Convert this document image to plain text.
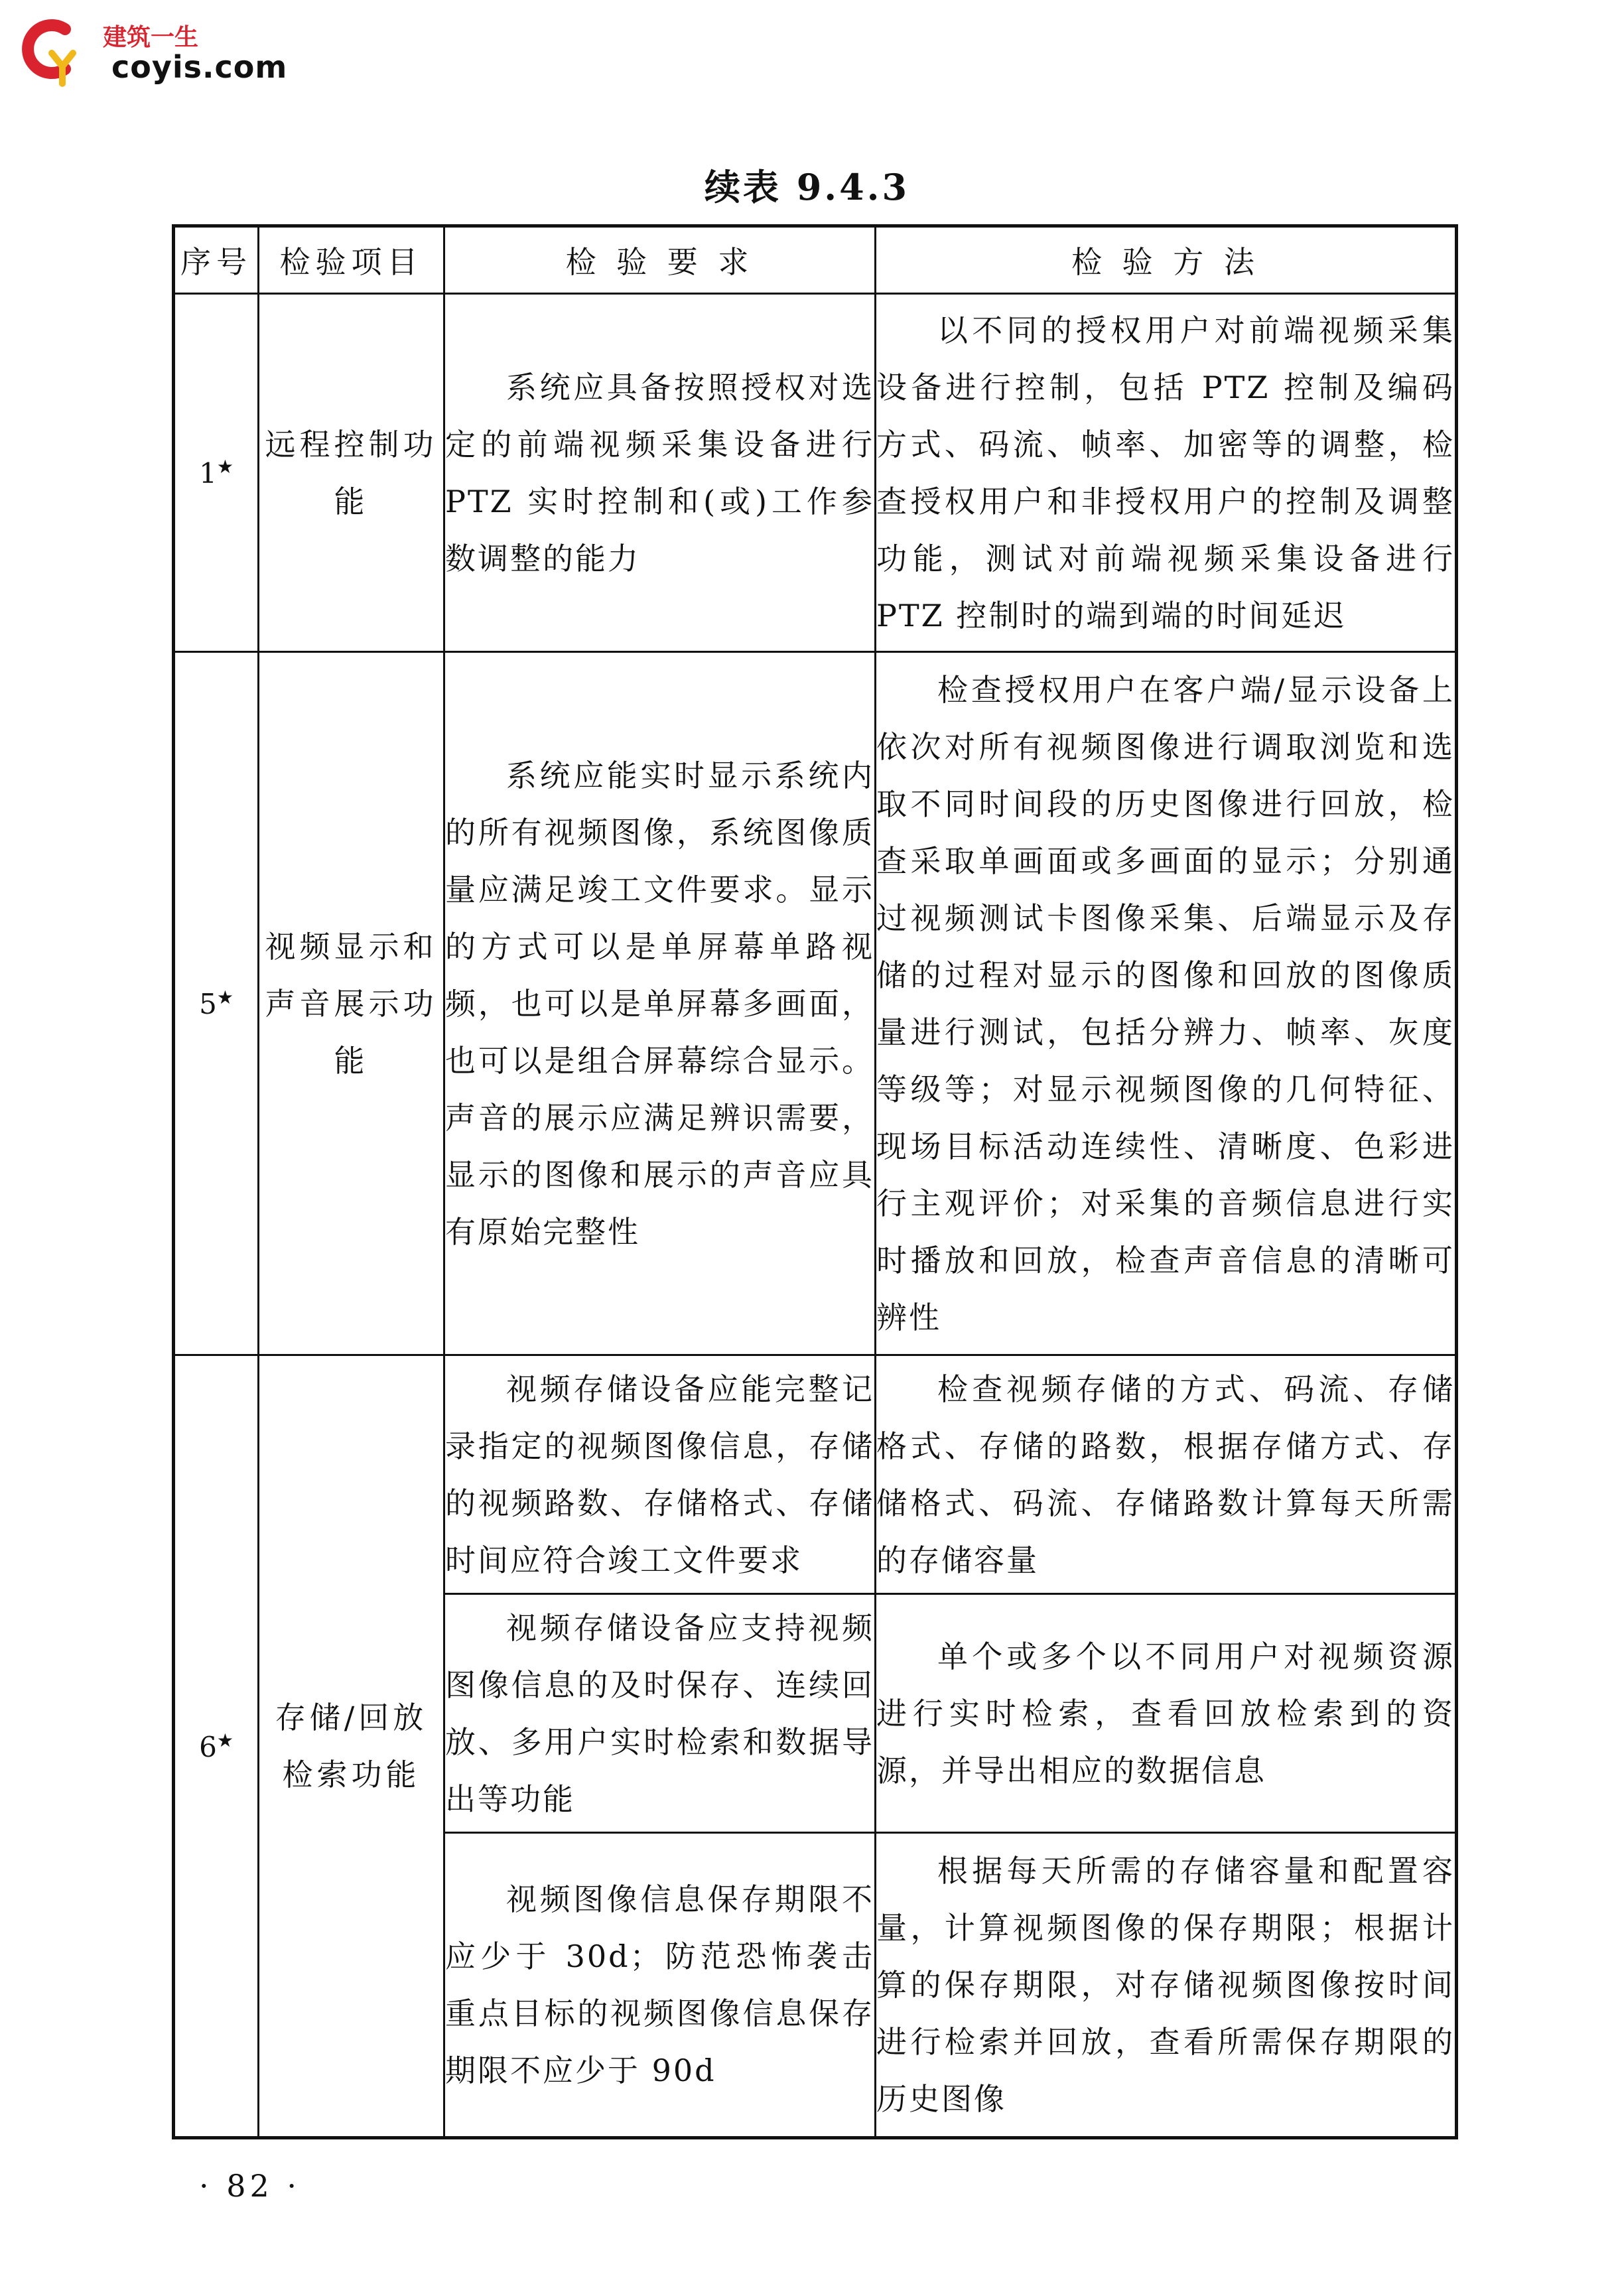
建筑一生
coyis.com
续表 9.4.3
序号	检验项目	检 验 要 求	检 验 方 法
1★	远程控制功能	系统应具备按照授权对选定的前端视频采集设备进行 PTZ 实时控制和(或)工作参数调整的能力	以不同的授权用户对前端视频采集设备进行控制，包括 PTZ 控制及编码方式、码流、帧率、加密等的调整，检查授权用户和非授权用户的控制及调整功能，测试对前端视频采集设备进行 PTZ 控制时的端到端的时间延迟

5★	视频显示和声音展示功能	系统应能实时显示系统内的所有视频图像，系统图像质量应满足竣工文件要求。显示的方式可以是单屏幕单路视频，也可以是单屏幕多画面，也可以是组合屏幕综合显示。声音的展示应满足辨识需要，显示的图像和展示的声音应具有原始完整性	检查授权用户在客户端/显示设备上依次对所有视频图像进行调取浏览和选取不同时间段的历史图像进行回放，检查采取单画面或多画面的显示；分别通过视频测试卡图像采集、后端显示及存储的过程对显示的图像和回放的图像质量进行测试，包括分辨力、帧率、灰度等级等；对显示视频图像的几何特征、现场目标活动连续性、清晰度、色彩进行主观评价；对采集的音频信息进行实时播放和回放，检查声音信息的清晰可辨性

6★	存储/回放检索功能	视频存储设备应能完整记录指定的视频图像信息，存储的视频路数、存储格式、存储时间应符合竣工文件要求	检查视频存储的方式、码流、存储格式、存储的路数，根据存储方式、存储格式、码流、存储路数计算每天所需的存储容量

		视频存储设备应支持视频图像信息的及时保存、连续回放、多用户实时检索和数据导出等功能	单个或多个以不同用户对视频资源进行实时检索，查看回放检索到的资源，并导出相应的数据信息

		视频图像信息保存期限不应少于 30d；防范恐怖袭击重点目标的视频图像信息保存期限不应少于 90d	根据每天所需的存储容量和配置容量，计算视频图像的保存期限；根据计算的保存期限，对存储视频图像按时间进行检索并回放，查看所需保存期限的历史图像
· 82 ·
